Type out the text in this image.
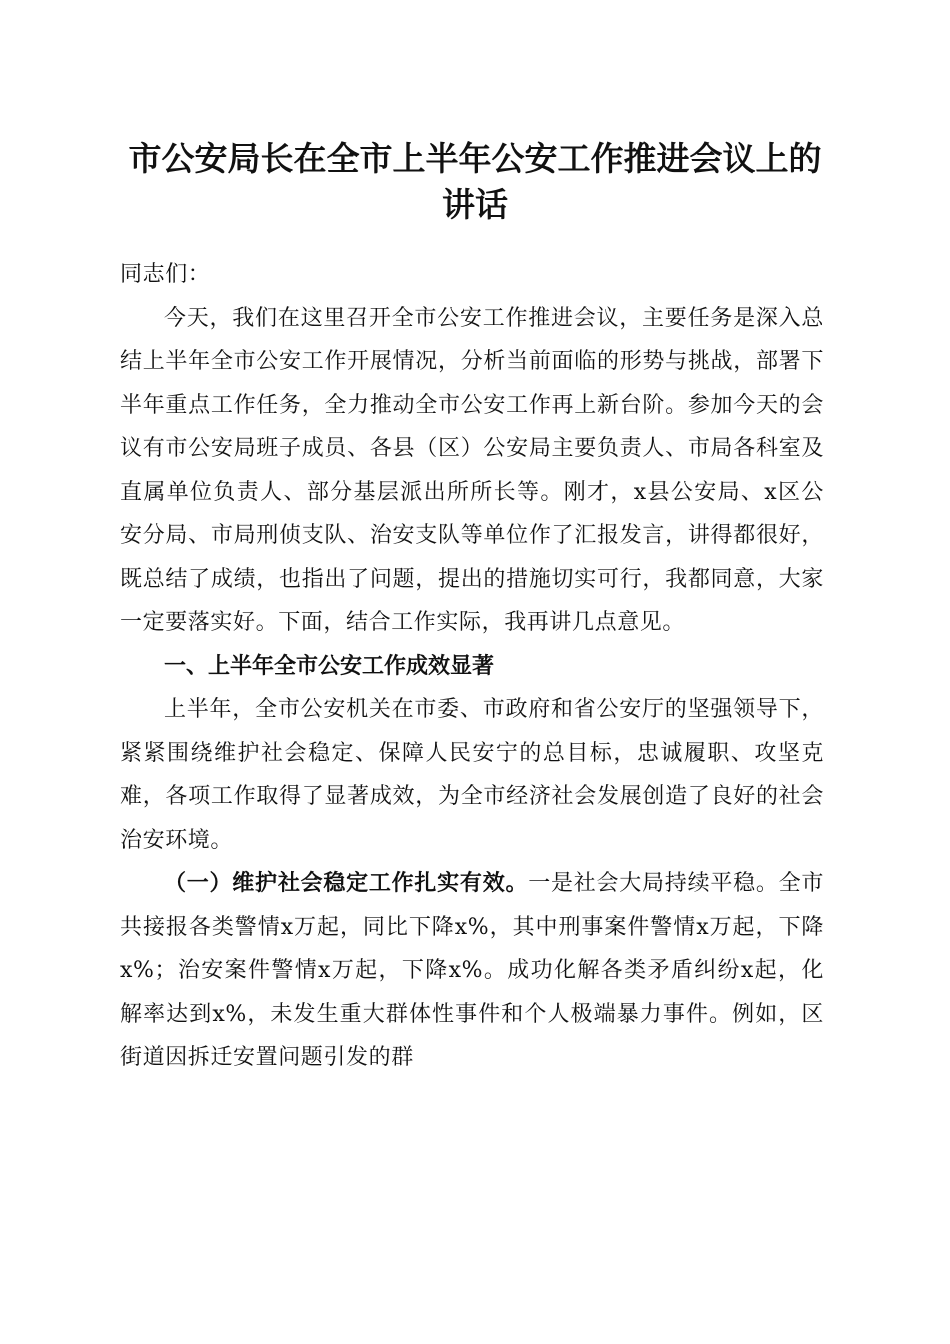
市公安局长在全市上半年公安工作推进会议上的讲话

同志们：

今天，我们在这里召开全市公安工作推进会议，主要任务是深入总结上半年全市公安工作开展情况，分析当前面临的形势与挑战，部署下半年重点工作任务，全力推动全市公安工作再上新台阶。参加今天的会议有市公安局班子成员、各县（区）公安局主要负责人、市局各科室及直属单位负责人、部分基层派出所所长等。刚才，x县公安局、x区公安分局、市局刑侦支队、治安支队等单位作了汇报发言，讲得都很好，既总结了成绩，也指出了问题，提出的措施切实可行，我都同意，大家一定要落实好。下面，结合工作实际，我再讲几点意见。

一、上半年全市公安工作成效显著

上半年，全市公安机关在市委、市政府和省公安厅的坚强领导下，紧紧围绕维护社会稳定、保障人民安宁的总目标，忠诚履职、攻坚克难，各项工作取得了显著成效，为全市经济社会发展创造了良好的社会治安环境。

（一）维护社会稳定工作扎实有效。一是社会大局持续平稳。全市共接报各类警情x万起，同比下降x%，其中刑事案件警情x万起，下降x%；治安案件警情x万起，下降x%。成功化解各类矛盾纠纷x起，化解率达到x%，未发生重大群体性事件和个人极端暴力事件。例如，区街道因拆迁安置问题引发的群
